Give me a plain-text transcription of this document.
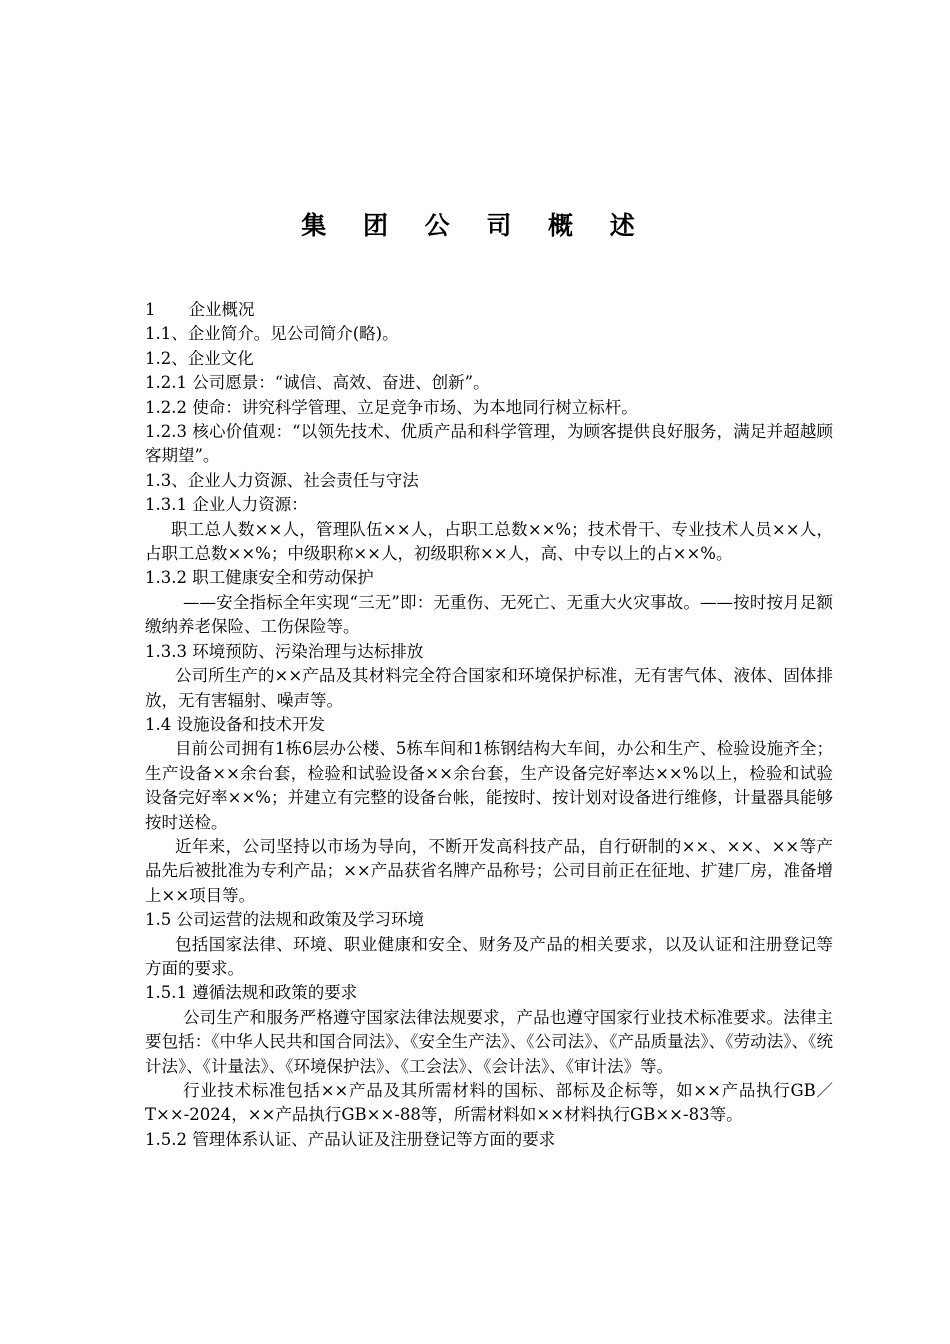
集 团 公 司 概 述

1　　企业概况

1.1、企业简介。见公司简介(略)。

1.2、企业文化

1.2.1 公司愿景：“诚信、高效、奋进、创新”。

1.2.2 使命：讲究科学管理、立足竞争市场、为本地同行树立标杆。

1.2.3 核心价值观：“以领先技术、优质产品和科学管理，为顾客提供良好服务，满足并超越顾客期望”。

1.3、企业人力资源、社会责任与守法

1.3.1 企业人力资源：

职工总人数××人，管理队伍××人，占职工总数××%；技术骨干、专业技术人员××人，占职工总数××%；中级职称××人，初级职称××人，高、中专以上的占××%。

1.3.2 职工健康安全和劳动保护

——安全指标全年实现“三无”即：无重伤、无死亡、无重大火灾事故。——按时按月足额缴纳养老保险、工伤保险等。

1.3.3 环境预防、污染治理与达标排放

公司所生产的××产品及其材料完全符合国家和环境保护标准，无有害气体、液体、固体排放，无有害辐射、噪声等。

1.4 设施设备和技术开发

目前公司拥有1栋6层办公楼、5栋车间和1栋钢结构大车间，办公和生产、检验设施齐全；生产设备××余台套，检验和试验设备××余台套，生产设备完好率达××%以上，检验和试验设备完好率××%；并建立有完整的设备台帐，能按时、按计划对设备进行维修，计量器具能够按时送检。

近年来，公司坚持以市场为导向，不断开发高科技产品，自行研制的××、××、××等产品先后被批准为专利产品；××产品获省名牌产品称号；公司目前正在征地、扩建厂房，准备增上××项目等。

1.5 公司运营的法规和政策及学习环境

包括国家法律、环境、职业健康和安全、财务及产品的相关要求，以及认证和注册登记等方面的要求。

1.5.1 遵循法规和政策的要求

公司生产和服务严格遵守国家法律法规要求，产品也遵守国家行业技术标准要求。法律主要包括：《中华人民共和国合同法》、《安全生产法》、《公司法》、《产品质量法》、《劳动法》、《统计法》、《计量法》、《环境保护法》、《工会法》、《会计法》、《审计法》等。

行业技术标准包括××产品及其所需材料的国标、部标及企标等，如××产品执行GB／T××-2024，××产品执行GB××-88等，所需材料如××材料执行GB××-83等。

1.5.2 管理体系认证、产品认证及注册登记等方面的要求
